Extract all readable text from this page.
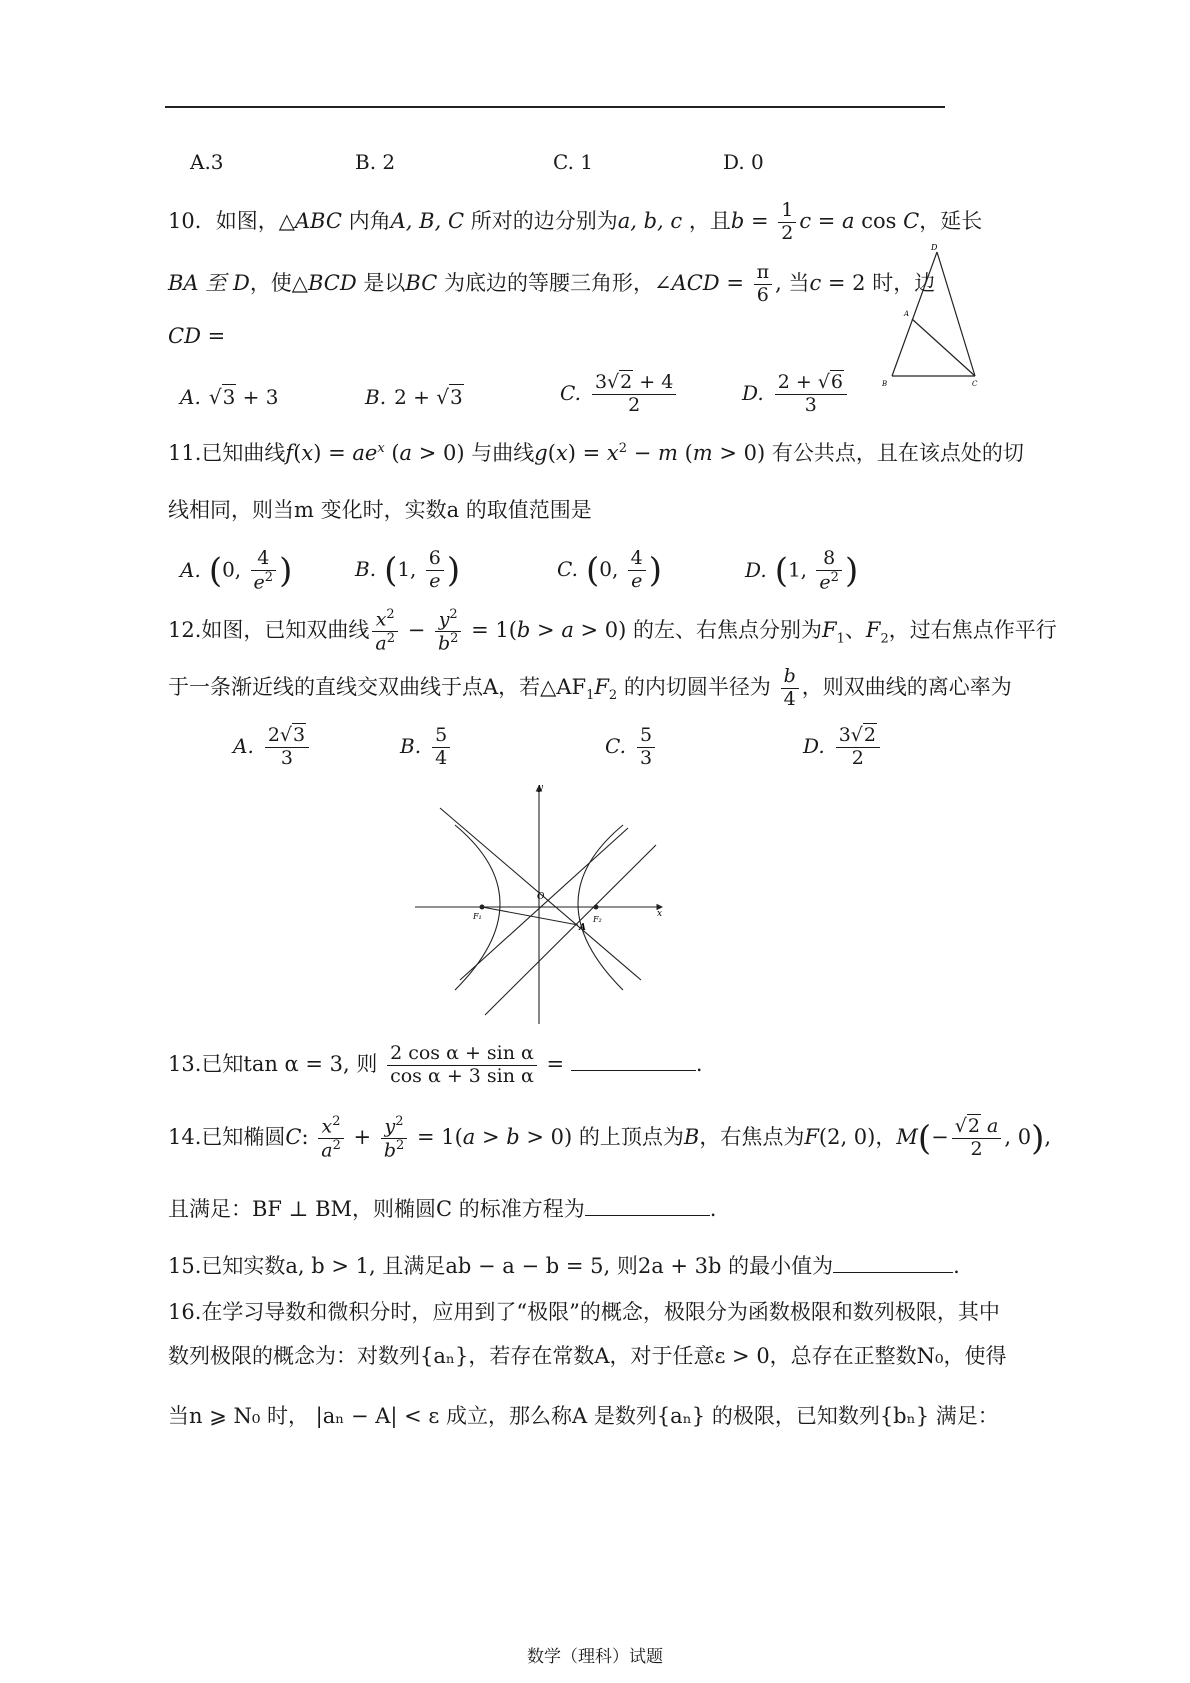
A.3	B. 2	C. 1	D. 0
10．如图，△ABC 内角A, B, C 所对的边分别为a, b, c ，且$b = \frac{1}{2}$ c = a cos C，延长
BA 至 D，使△BCD 是以BC 为底边的等腰三角形，∠ACD = $\frac{\pi}{6}$ , 当c = 2 时，边
CD =
D
A
B	C
A. √3 + 3	B. 2 + √3	C. $\frac{3√2 + 4}{2}$	D. $\frac{2 + √6}{3}$
11.已知曲线$f(x) = ae^x$ (a > 0) 与曲线$g(x) = x^2 - m$ (m > 0) 有公共点，且在该点处的切
线相同，则当m 变化时，实数a 的取值范围是
A. (0, $\frac{4}{e^2}$ )	B. (1, $\frac{6}{e}$ )	C. (0, $\frac{4}{e}$ )	D. (1, $\frac{8}{e^2}$ )
12.如图，已知双曲线 $\frac{x^2}{a^2} - \frac{y^2}{b^2} = 1(b > a > 0)$ 的左、右焦点分别为$F_1$、$F_2$，过右焦点作平行
于一条渐近线的直线交双曲线于点A，若$\triangle AF_1F_2$ 的内切圆半径为 $\frac{b}{4}$ ，则双曲线的离心率为
A. $\frac{2√3}{3}$	B. $\frac{5}{4}$	C. $\frac{5}{3}$	D. $\frac{3√2}{2}$
x
y
O
F₁	F₂
A
13.已知tan α = 3, 则 $\frac{\text{2 cos α + sin α}}{\text{cos α + 3 sin α}}$ =	.
14.已知椭圆C: $\frac{x^2}{a^2} + \frac{y^2}{b^2} = 1(a > b > 0)$ 的上顶点为B，右焦点为F(2, 0)，$M(- \frac{√2 a}{2}$ , 0),
且满足：BF ⊥ BM，则椭圆C 的标准方程为	.
15.已知实数a, b > 1, 且满足ab − a − b = 5, 则2a + 3b 的最小值为	.
16.在学习导数和微积分时，应用到了“极限”的概念，极限分为函数极限和数列极限，其中
数列极限的概念为：对数列{aₙ}，若存在常数A，对于任意ε > 0，总存在正整数N₀，使得
当n ⩾ N₀ 时， |aₙ − A| < ε 成立，那么称A 是数列{aₙ} 的极限，已知数列{bₙ} 满足：
数学（理科）试题
